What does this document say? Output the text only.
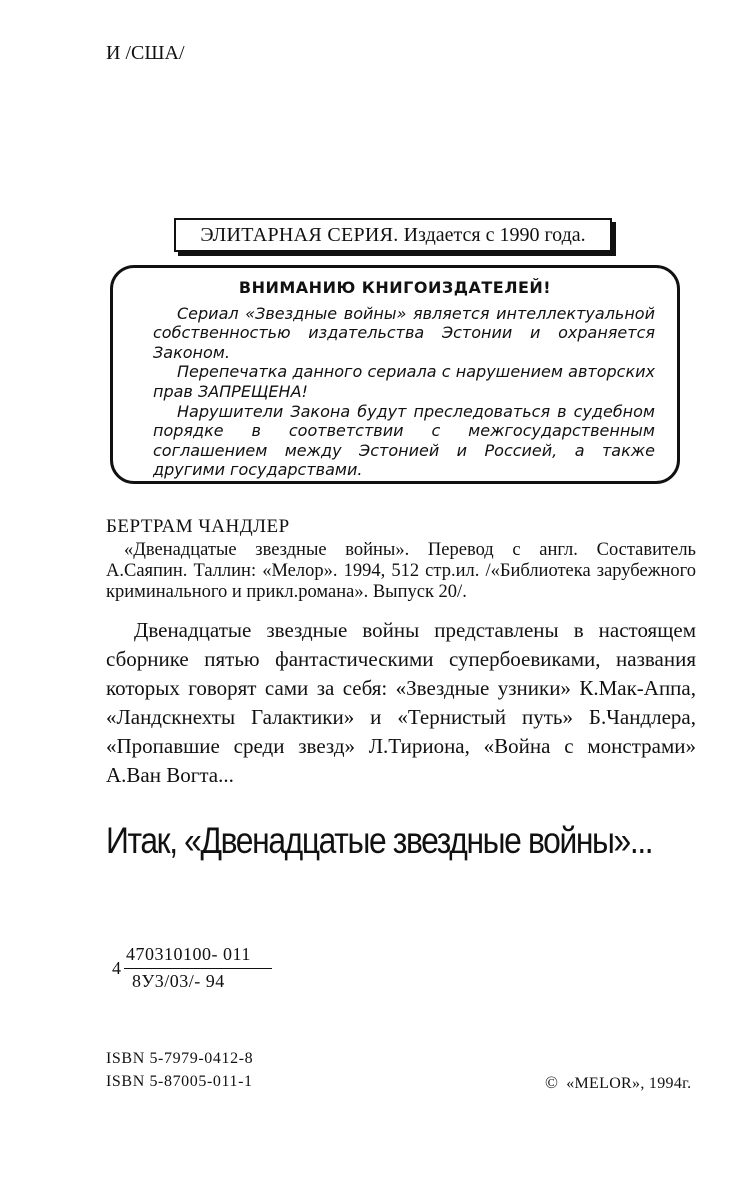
И /США/
ЭЛИТАРНАЯ СЕРИЯ. Издается с 1990 года.
ВНИМАНИЮ КНИГОИЗДАТЕЛЕЙ!

Сериал «Звездные войны» является интеллектуальной собственностью издательства Эстонии и охраняется Законом.

Перепечатка данного сериала с нарушением авторских прав ЗАПРЕЩЕНА!

Нарушители Закона будут преследоваться в судебном порядке в соответствии с межгосударственным соглашением между Эстонией и Россией, а также другими государствами.

БЕРТРАМ ЧАНДЛЕР
«Двенадцатые звездные войны». Перевод с англ. Составитель А.Саяпин. Таллин: «Мелор». 1994, 512 стр.ил. /«Библиотека зарубежного криминального и прикл.романа». Выпуск 20/.
Двенадцатые звездные войны представлены в настоящем сборнике пятью фантастическими супербоевиками, названия которых говорят сами за себя: «Звездные узники» К.Мак-Аппа, «Ландскнехты Галактики» и «Тернистый путь» Б.Чандлера, «Пропавшие среди звезд» Л.Тириона, «Война с монстрами» А.Ван Вогта...
Итак, «Двенадцатые звездные войны»...
4
470310100- 011
8У3/03/- 94
ISBN 5-7979-0412-8
ISBN 5-87005-011-1	© «MELOR», 1994г.
